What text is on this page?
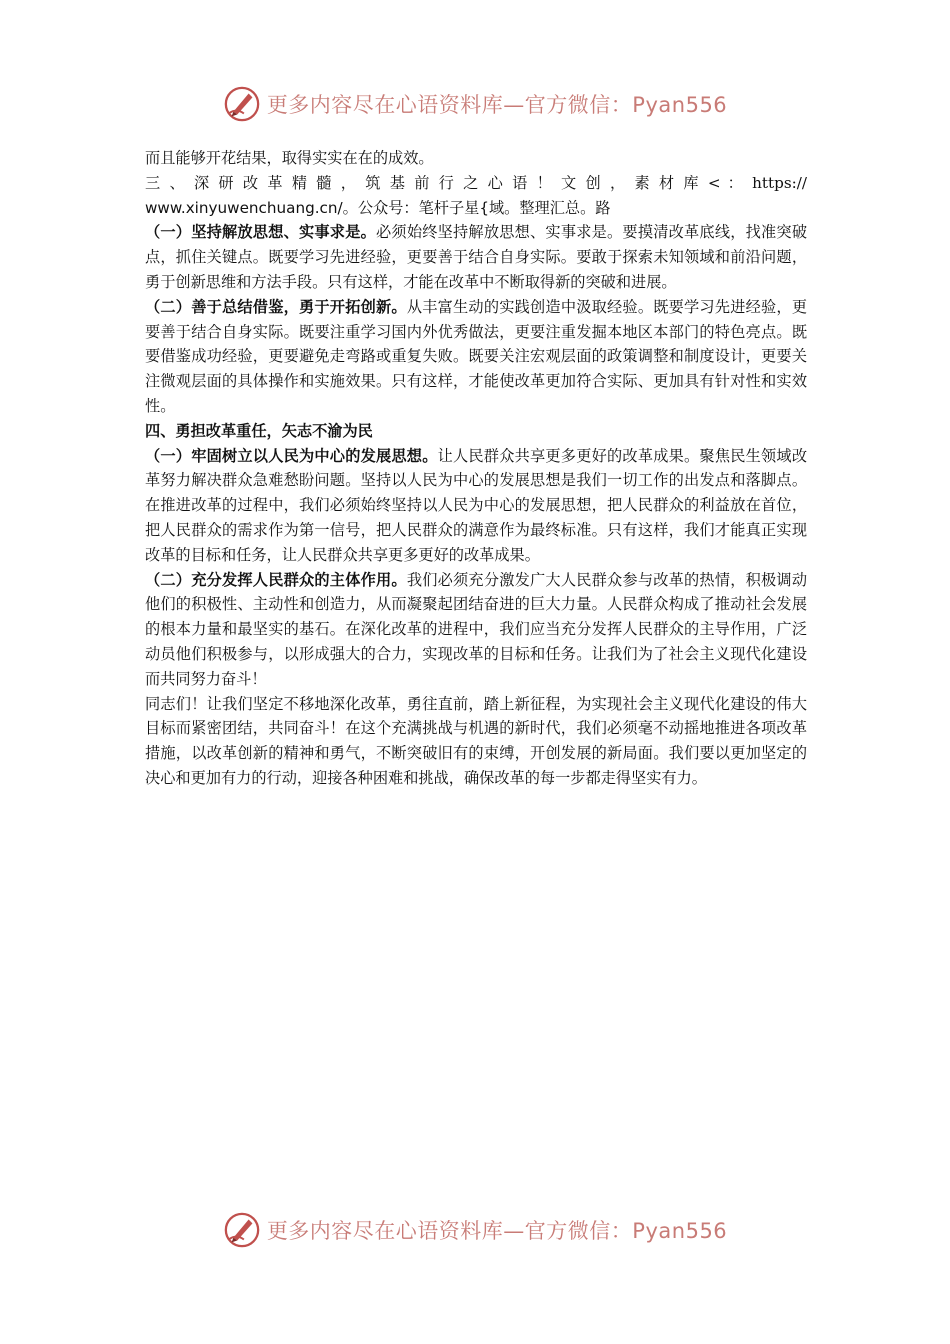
更多内容尽在心语资料库—官方微信：Pyan556

而且能够开花结果，取得实实在在的成效。

三 、 深 研 改 革 精 髓 ， 筑 基 前 行 之 心 语 ！ 文 创 ， 素 材 库 < ： https://

www.xinyuwenchuang.cn/。公众号：笔杆子星{域。整理汇总。路

（一）坚持解放思想、实事求是。必须始终坚持解放思想、实事求是。要摸清改革底线，找准突破点，抓住关键点。既要学习先进经验，更要善于结合自身实际。要敢于探索未知领域和前沿问题，勇于创新思维和方法手段。只有这样，才能在改革中不断取得新的突破和进展。

（二）善于总结借鉴，勇于开拓创新。从丰富生动的实践创造中汲取经验。既要学习先进经验，更要善于结合自身实际。既要注重学习国内外优秀做法，更要注重发掘本地区本部门的特色亮点。既要借鉴成功经验，更要避免走弯路或重复失败。既要关注宏观层面的政策调整和制度设计，更要关注微观层面的具体操作和实施效果。只有这样，才能使改革更加符合实际、更加具有针对性和实效性。

四、勇担改革重任，矢志不渝为民

（一）牢固树立以人民为中心的发展思想。让人民群众共享更多更好的改革成果。聚焦民生领域改革努力解决群众急难愁盼问题。坚持以人民为中心的发展思想是我们一切工作的出发点和落脚点。在推进改革的过程中，我们必须始终坚持以人民为中心的发展思想，把人民群众的利益放在首位，把人民群众的需求作为第一信号，把人民群众的满意作为最终标准。只有这样，我们才能真正实现改革的目标和任务，让人民群众共享更多更好的改革成果。

（二）充分发挥人民群众的主体作用。我们必须充分激发广大人民群众参与改革的热情，积极调动他们的积极性、主动性和创造力，从而凝聚起团结奋进的巨大力量。人民群众构成了推动社会发展的根本力量和最坚实的基石。在深化改革的进程中，我们应当充分发挥人民群众的主导作用，广泛动员他们积极参与，以形成强大的合力，实现改革的目标和任务。让我们为了社会主义现代化建设而共同努力奋斗！

同志们！让我们坚定不移地深化改革，勇往直前，踏上新征程，为实现社会主义现代化建设的伟大目标而紧密团结，共同奋斗！在这个充满挑战与机遇的新时代，我们必须毫不动摇地推进各项改革措施，以改革创新的精神和勇气，不断突破旧有的束缚，开创发展的新局面。我们要以更加坚定的决心和更加有力的行动，迎接各种困难和挑战，确保改革的每一步都走得坚实有力。

更多内容尽在心语资料库—官方微信：Pyan556
